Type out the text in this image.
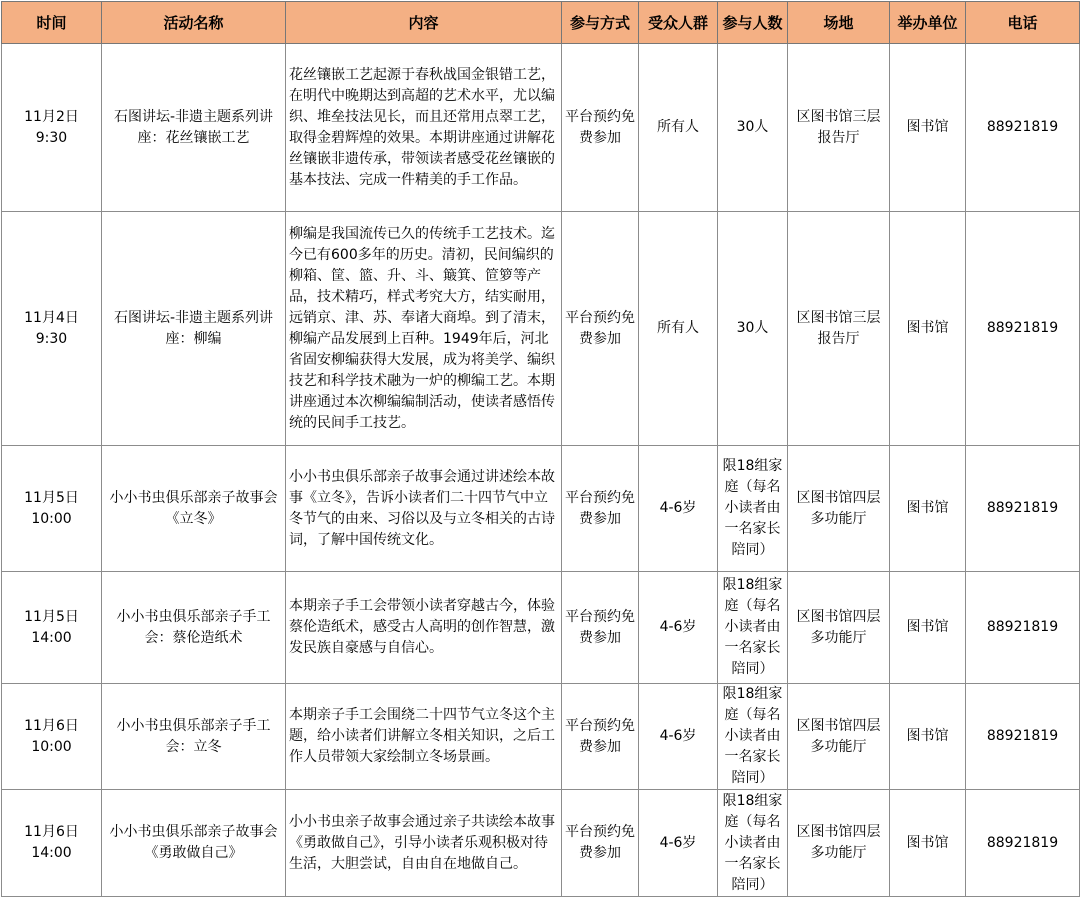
时间	活动名称	内容	参与方式	受众人群	参与人数	场地	举办单位	电话

11月2日
9:30	石图讲坛-非遗主题系列讲座：花丝镶嵌工艺	花丝镶嵌工艺起源于春秋战国金银错工艺，在明代中晚期达到高超的艺术水平，尤以编织、堆垒技法见长，而且还常用点翠工艺，取得金碧辉煌的效果。本期讲座通过讲解花丝镶嵌非遗传承，带领读者感受花丝镶嵌的基本技法、完成一件精美的手工作品。	平台预约免费参加	所有人	30人	区图书馆三层报告厅	图书馆	88921819

11月4日
9:30	石图讲坛-非遗主题系列讲座：柳编	柳编是我国流传已久的传统手工艺技术。迄今已有600多年的历史。清初，民间编织的柳箱、筐、篮、升、斗、簸箕、笸箩等产品，技术精巧，样式考究大方，结实耐用，远销京、津、苏、奉诸大商埠。到了清末，柳编产品发展到上百种。1949年后，河北省固安柳编获得大发展，成为将美学、编织技艺和科学技术融为一炉的柳编工艺。本期讲座通过本次柳编编制活动，使读者感悟传统的民间手工技艺。	平台预约免费参加	所有人	30人	区图书馆三层报告厅	图书馆	88921819

11月5日
10:00	小小书虫俱乐部亲子故事会《立冬》	小小书虫俱乐部亲子故事会通过讲述绘本故事《立冬》，告诉小读者们二十四节气中立冬节气的由来、习俗以及与立冬相关的古诗词，了解中国传统文化。	平台预约免费参加	4-6岁	限18组家庭（每名小读者由一名家长陪同）	区图书馆四层多功能厅	图书馆	88921819

11月5日
14:00	小小书虫俱乐部亲子手工会：蔡伦造纸术	本期亲子手工会带领小读者穿越古今，体验蔡伦造纸术，感受古人高明的创作智慧，激发民族自豪感与自信心。	平台预约免费参加	4-6岁	限18组家庭（每名小读者由一名家长陪同）	区图书馆四层多功能厅	图书馆	88921819

11月6日
10:00	小小书虫俱乐部亲子手工会：立冬	本期亲子手工会围绕二十四节气立冬这个主题，给小读者们讲解立冬相关知识，之后工作人员带领大家绘制立冬场景画。	平台预约免费参加	4-6岁	限18组家庭（每名小读者由一名家长陪同）	区图书馆四层多功能厅	图书馆	88921819

11月6日
14:00	小小书虫俱乐部亲子故事会《勇敢做自己》	小小书虫亲子故事会通过亲子共读绘本故事《勇敢做自己》，引导小读者乐观积极对待生活，大胆尝试，自由自在地做自己。	平台预约免费参加	4-6岁	限18组家庭（每名小读者由一名家长陪同）	区图书馆四层多功能厅	图书馆	88921819
